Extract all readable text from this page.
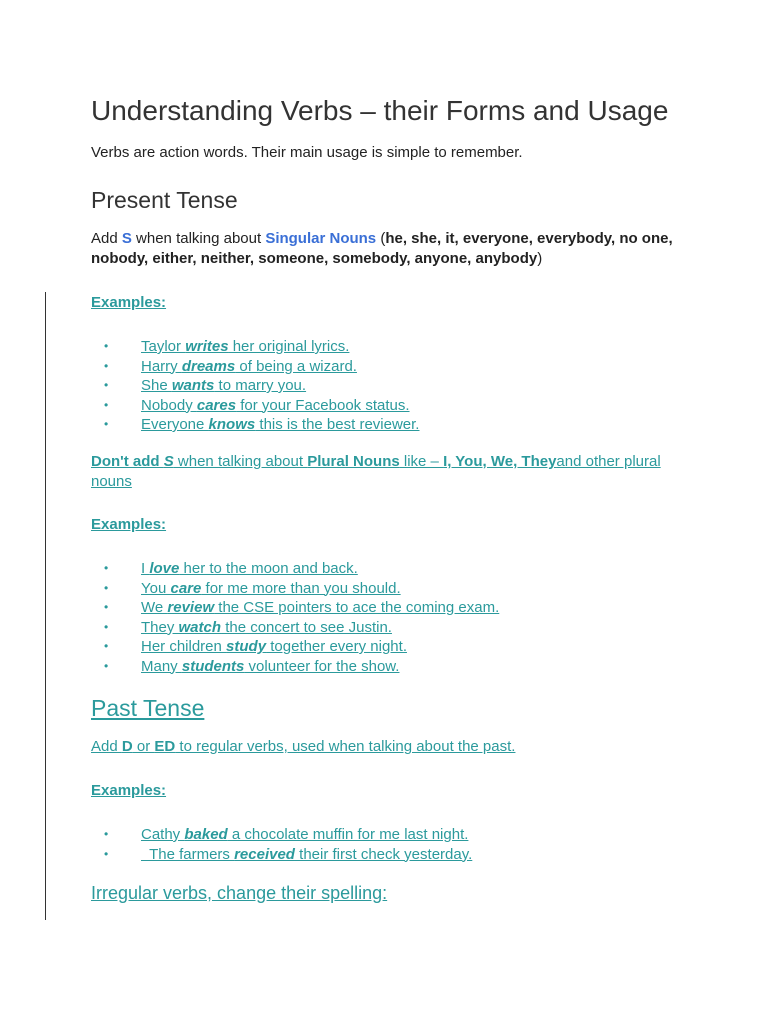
Understanding Verbs – their Forms and Usage
Verbs are action words. Their main usage is simple to remember.
Present Tense
Add S when talking about Singular Nouns (he, she, it, everyone, everybody, no one, nobody, either, neither, someone, somebody, anyone, anybody)
Examples:
• Taylor writes her original lyrics.
• Harry dreams of being a wizard.
• She wants to marry you.
• Nobody cares for your Facebook status.
• Everyone knows this is the best reviewer.
Don't add S when talking about Plural Nouns like – I, You, We, Theyand other plural nouns
Examples:
• I love her to the moon and back.
• You care for me more than you should.
• We review the CSE pointers to ace the coming exam.
• They watch the concert to see Justin.
• Her children study together every night.
• Many students volunteer for the show.
Past Tense
Add D or ED to regular verbs, used when talking about the past.
Examples:
• Cathy baked a chocolate muffin for me last night.
•   The farmers received their first check yesterday.
Irregular verbs, change their spelling:
